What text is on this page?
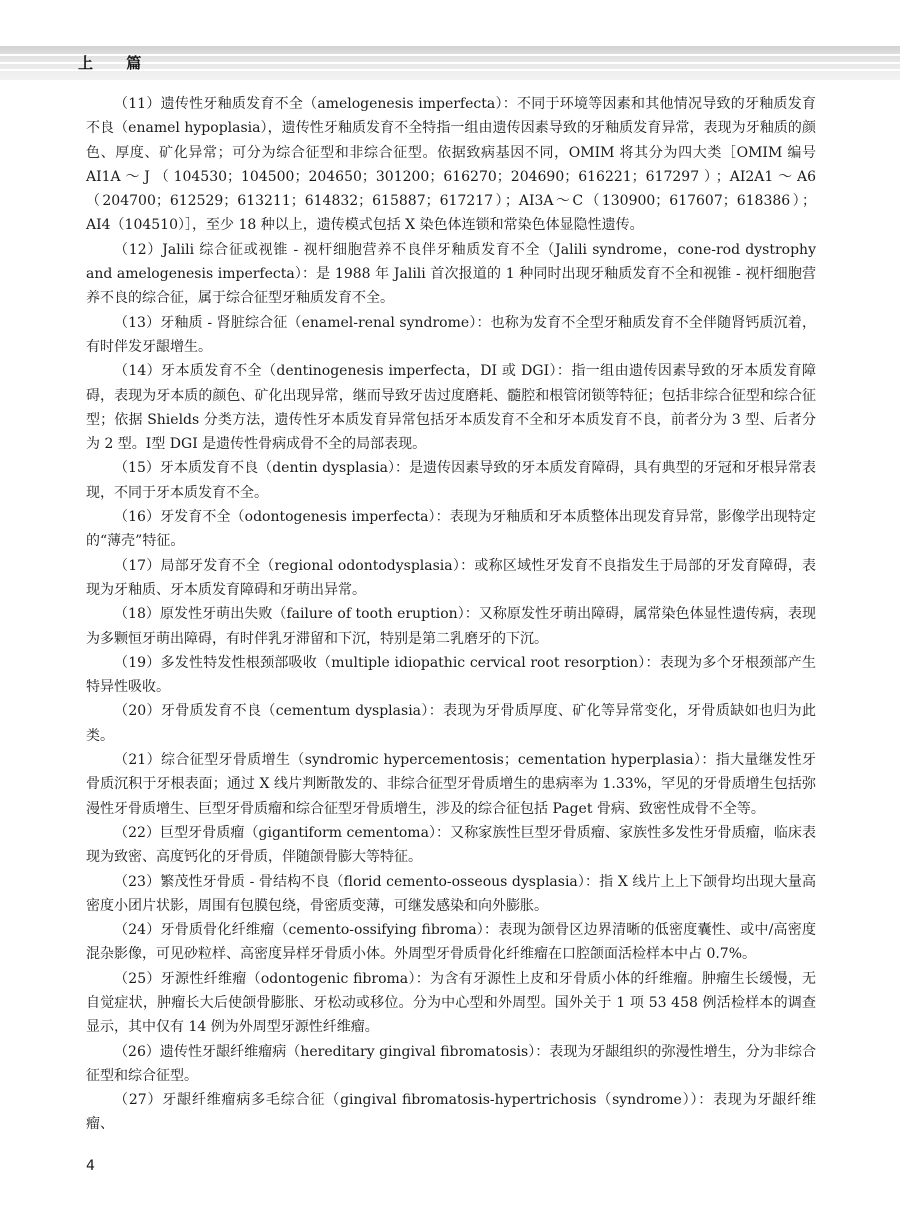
上 篇

（11）遗传性牙釉质发育不全（amelogenesis imperfecta）：不同于环境等因素和其他情况导致的牙釉质发育不良（enamel hypoplasia），遗传性牙釉质发育不全特指一组由遗传因素导致的牙釉质发育异常，表现为牙釉质的颜色、厚度、矿化异常；可分为综合征型和非综合征型。依据致病基因不同，OMIM 将其分为四大类［OMIM 编号 AI1A～J（104530；104500；204650；301200；616270；204690；616221；617297）；AI2A1～A6（204700；612529；613211；614832；615887；617217）；AI3A～C（130900；617607；618386）；AI4（104510）］，至少 18 种以上，遗传模式包括 X 染色体连锁和常染色体显隐性遗传。

（12）Jalili 综合征或视锥 - 视杆细胞营养不良伴牙釉质发育不全（Jalili syndrome，cone-rod dystrophy and amelogenesis imperfecta）：是 1988 年 Jalili 首次报道的 1 种同时出现牙釉质发育不全和视锥 - 视杆细胞营养不良的综合征，属于综合征型牙釉质发育不全。

（13）牙釉质 - 肾脏综合征（enamel-renal syndrome）：也称为发育不全型牙釉质发育不全伴随肾钙质沉着，有时伴发牙龈增生。

（14）牙本质发育不全（dentinogenesis imperfecta，DI 或 DGI）：指一组由遗传因素导致的牙本质发育障碍，表现为牙本质的颜色、矿化出现异常，继而导致牙齿过度磨耗、髓腔和根管闭锁等特征；包括非综合征型和综合征型；依据 Shields 分类方法，遗传性牙本质发育异常包括牙本质发育不全和牙本质发育不良，前者分为 3 型、后者分为 2 型。Ⅰ型 DGI 是遗传性骨病成骨不全的局部表现。

（15）牙本质发育不良（dentin dysplasia）：是遗传因素导致的牙本质发育障碍，具有典型的牙冠和牙根异常表现，不同于牙本质发育不全。

（16）牙发育不全（odontogenesis imperfecta）：表现为牙釉质和牙本质整体出现发育异常，影像学出现特定的“薄壳”特征。

（17）局部牙发育不全（regional odontodysplasia）：或称区域性牙发育不良指发生于局部的牙发育障碍，表现为牙釉质、牙本质发育障碍和牙萌出异常。

（18）原发性牙萌出失败（failure of tooth eruption）：又称原发性牙萌出障碍，属常染色体显性遗传病，表现为多颗恒牙萌出障碍，有时伴乳牙滞留和下沉，特别是第二乳磨牙的下沉。

（19）多发性特发性根颈部吸收（multiple idiopathic cervical root resorption）：表现为多个牙根颈部产生特异性吸收。

（20）牙骨质发育不良（cementum dysplasia）：表现为牙骨质厚度、矿化等异常变化，牙骨质缺如也归为此类。

（21）综合征型牙骨质增生（syndromic hypercementosis；cementation hyperplasia）：指大量继发性牙骨质沉积于牙根表面；通过 X 线片判断散发的、非综合征型牙骨质增生的患病率为 1.33%，罕见的牙骨质增生包括弥漫性牙骨质增生、巨型牙骨质瘤和综合征型牙骨质增生，涉及的综合征包括 Paget 骨病、致密性成骨不全等。

（22）巨型牙骨质瘤（gigantiform cementoma）：又称家族性巨型牙骨质瘤、家族性多发性牙骨质瘤，临床表现为致密、高度钙化的牙骨质，伴随颌骨膨大等特征。

（23）繁茂性牙骨质 - 骨结构不良（florid cemento-osseous dysplasia）：指 X 线片上上下颌骨均出现大量高密度小团片状影，周围有包膜包绕，骨密质变薄，可继发感染和向外膨胀。

（24）牙骨质骨化纤维瘤（cemento-ossifying fibroma）：表现为颌骨区边界清晰的低密度囊性、或中/高密度混杂影像，可见砂粒样、高密度异样牙骨质小体。外周型牙骨质骨化纤维瘤在口腔颌面活检样本中占 0.7%。

（25）牙源性纤维瘤（odontogenic fibroma）：为含有牙源性上皮和牙骨质小体的纤维瘤。肿瘤生长缓慢，无自觉症状，肿瘤长大后使颌骨膨胀、牙松动或移位。分为中心型和外周型。国外关于 1 项 53 458 例活检样本的调查显示，其中仅有 14 例为外周型牙源性纤维瘤。

（26）遗传性牙龈纤维瘤病（hereditary gingival fibromatosis）：表现为牙龈组织的弥漫性增生，分为非综合征型和综合征型。

（27）牙龈纤维瘤病多毛综合征（gingival fibromatosis-hypertrichosis（syndrome））：表现为牙龈纤维瘤、

4
